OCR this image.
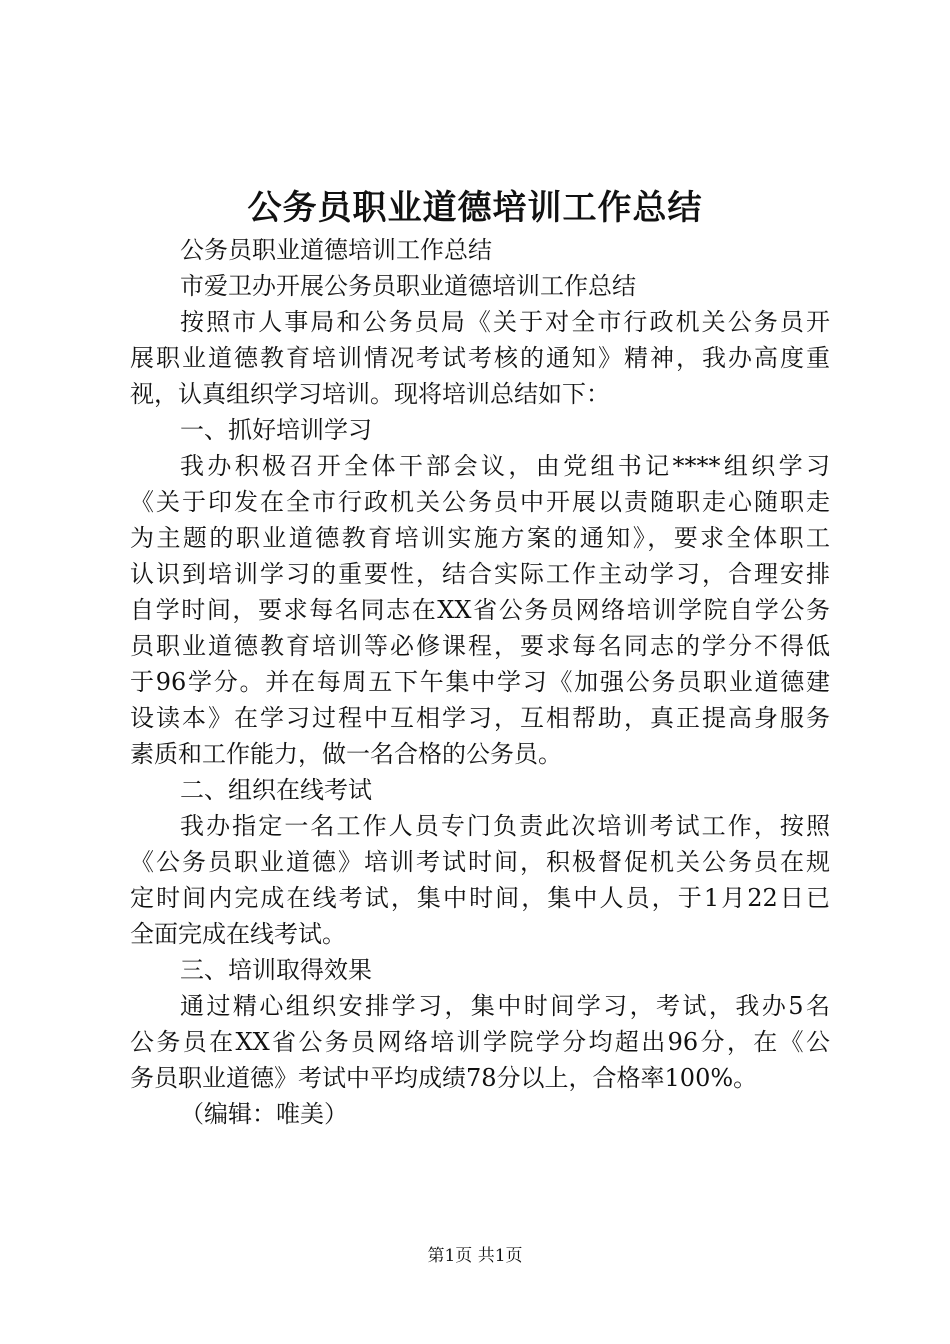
公务员职业道德培训工作总结
公务员职业道德培训工作总结
市爱卫办开展公务员职业道德培训工作总结
按照市人事局和公务员局《关于对全市行政机关公务员开
展职业道德教育培训情况考试考核的通知》精神，我办高度重
视，认真组织学习培训。现将培训总结如下：
一、抓好培训学习
我办积极召开全体干部会议，由党组书记****组织学习
《关于印发在全市行政机关公务员中开展以责随职走心随职走
为主题的职业道德教育培训实施方案的通知》，要求全体职工
认识到培训学习的重要性，结合实际工作主动学习，合理安排
自学时间，要求每名同志在XX省公务员网络培训学院自学公务
员职业道德教育培训等必修课程，要求每名同志的学分不得低
于96学分。并在每周五下午集中学习《加强公务员职业道德建
设读本》在学习过程中互相学习，互相帮助，真正提高身服务
素质和工作能力，做一名合格的公务员。
二、组织在线考试
我办指定一名工作人员专门负责此次培训考试工作，按照
《公务员职业道德》培训考试时间，积极督促机关公务员在规
定时间内完成在线考试，集中时间，集中人员，于1月22日已
全面完成在线考试。
三、培训取得效果
通过精心组织安排学习，集中时间学习，考试，我办5名
公务员在XX省公务员网络培训学院学分均超出96分，在《公
务员职业道德》考试中平均成绩78分以上，合格率100%。
（编辑：唯美）
第1页 共1页
